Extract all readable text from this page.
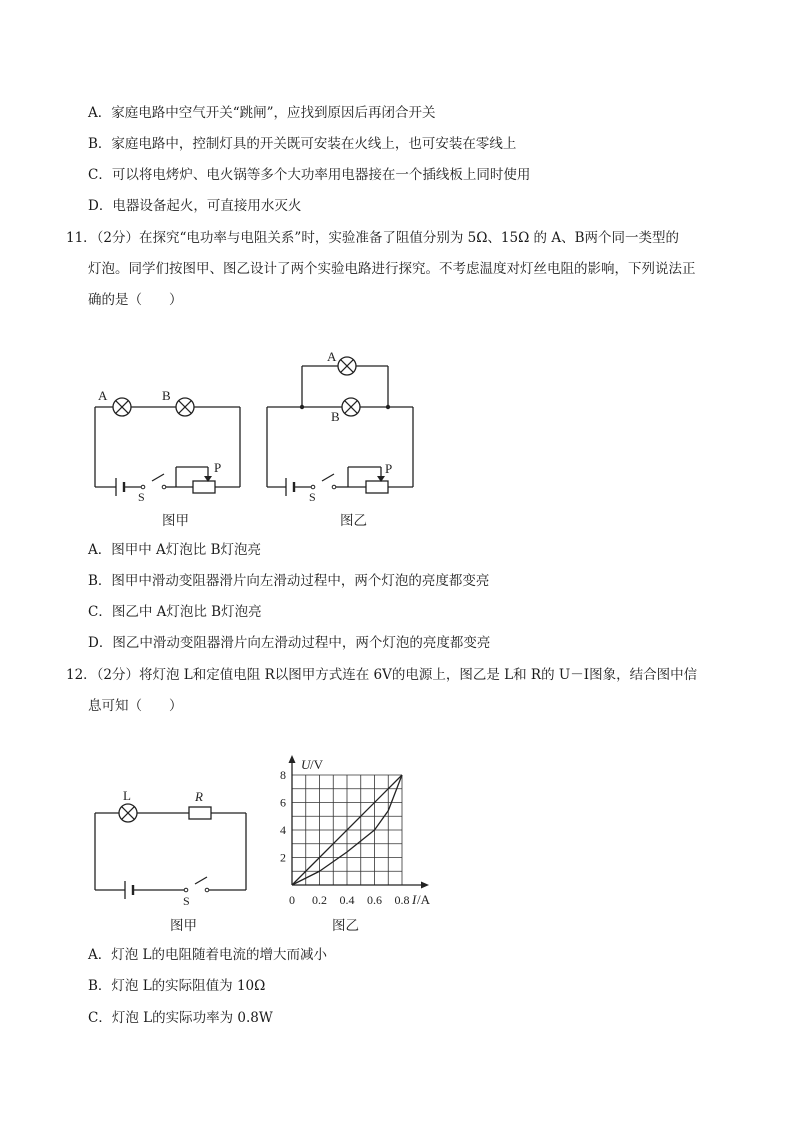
A．家庭电路中空气开关“跳闸”，应找到原因后再闭合开关
B．家庭电路中，控制灯具的开关既可安装在火线上，也可安装在零线上
C．可以将电烤炉、电火锅等多个大功率用电器接在一个插线板上同时使用
D．电器设备起火，可直接用水灭火
11．（2分）在探究“电功率与电阻关系”时，实验准备了阻值分别为 5Ω、15Ω 的 A、B两个同一类型的
灯泡。同学们按图甲、图乙设计了两个实验电路进行探究。不考虑温度对灯丝电阻的影响，下列说法正
确的是（　　）
A	B
P
S
图甲
A
B
P
S
图乙
A．图甲中 A灯泡比 B灯泡亮
B．图甲中滑动变阻器滑片向左滑动过程中，两个灯泡的亮度都变亮
C．图乙中 A灯泡比 B灯泡亮
D．图乙中滑动变阻器滑片向左滑动过程中，两个灯泡的亮度都变亮
12．（2分）将灯泡 L和定值电阻 R以图甲方式连在 6V的电源上，图乙是 L和 R的 U－I图象，结合图中信
息可知（　　）
L	R
S
图甲
0 0.2 0.4 0.6 0.8
2
4
6
8
U /V
I /A
图乙
A．灯泡 L的电阻随着电流的增大而减小
B．灯泡 L的实际阻值为 10Ω
C．灯泡 L的实际功率为 0.8W
